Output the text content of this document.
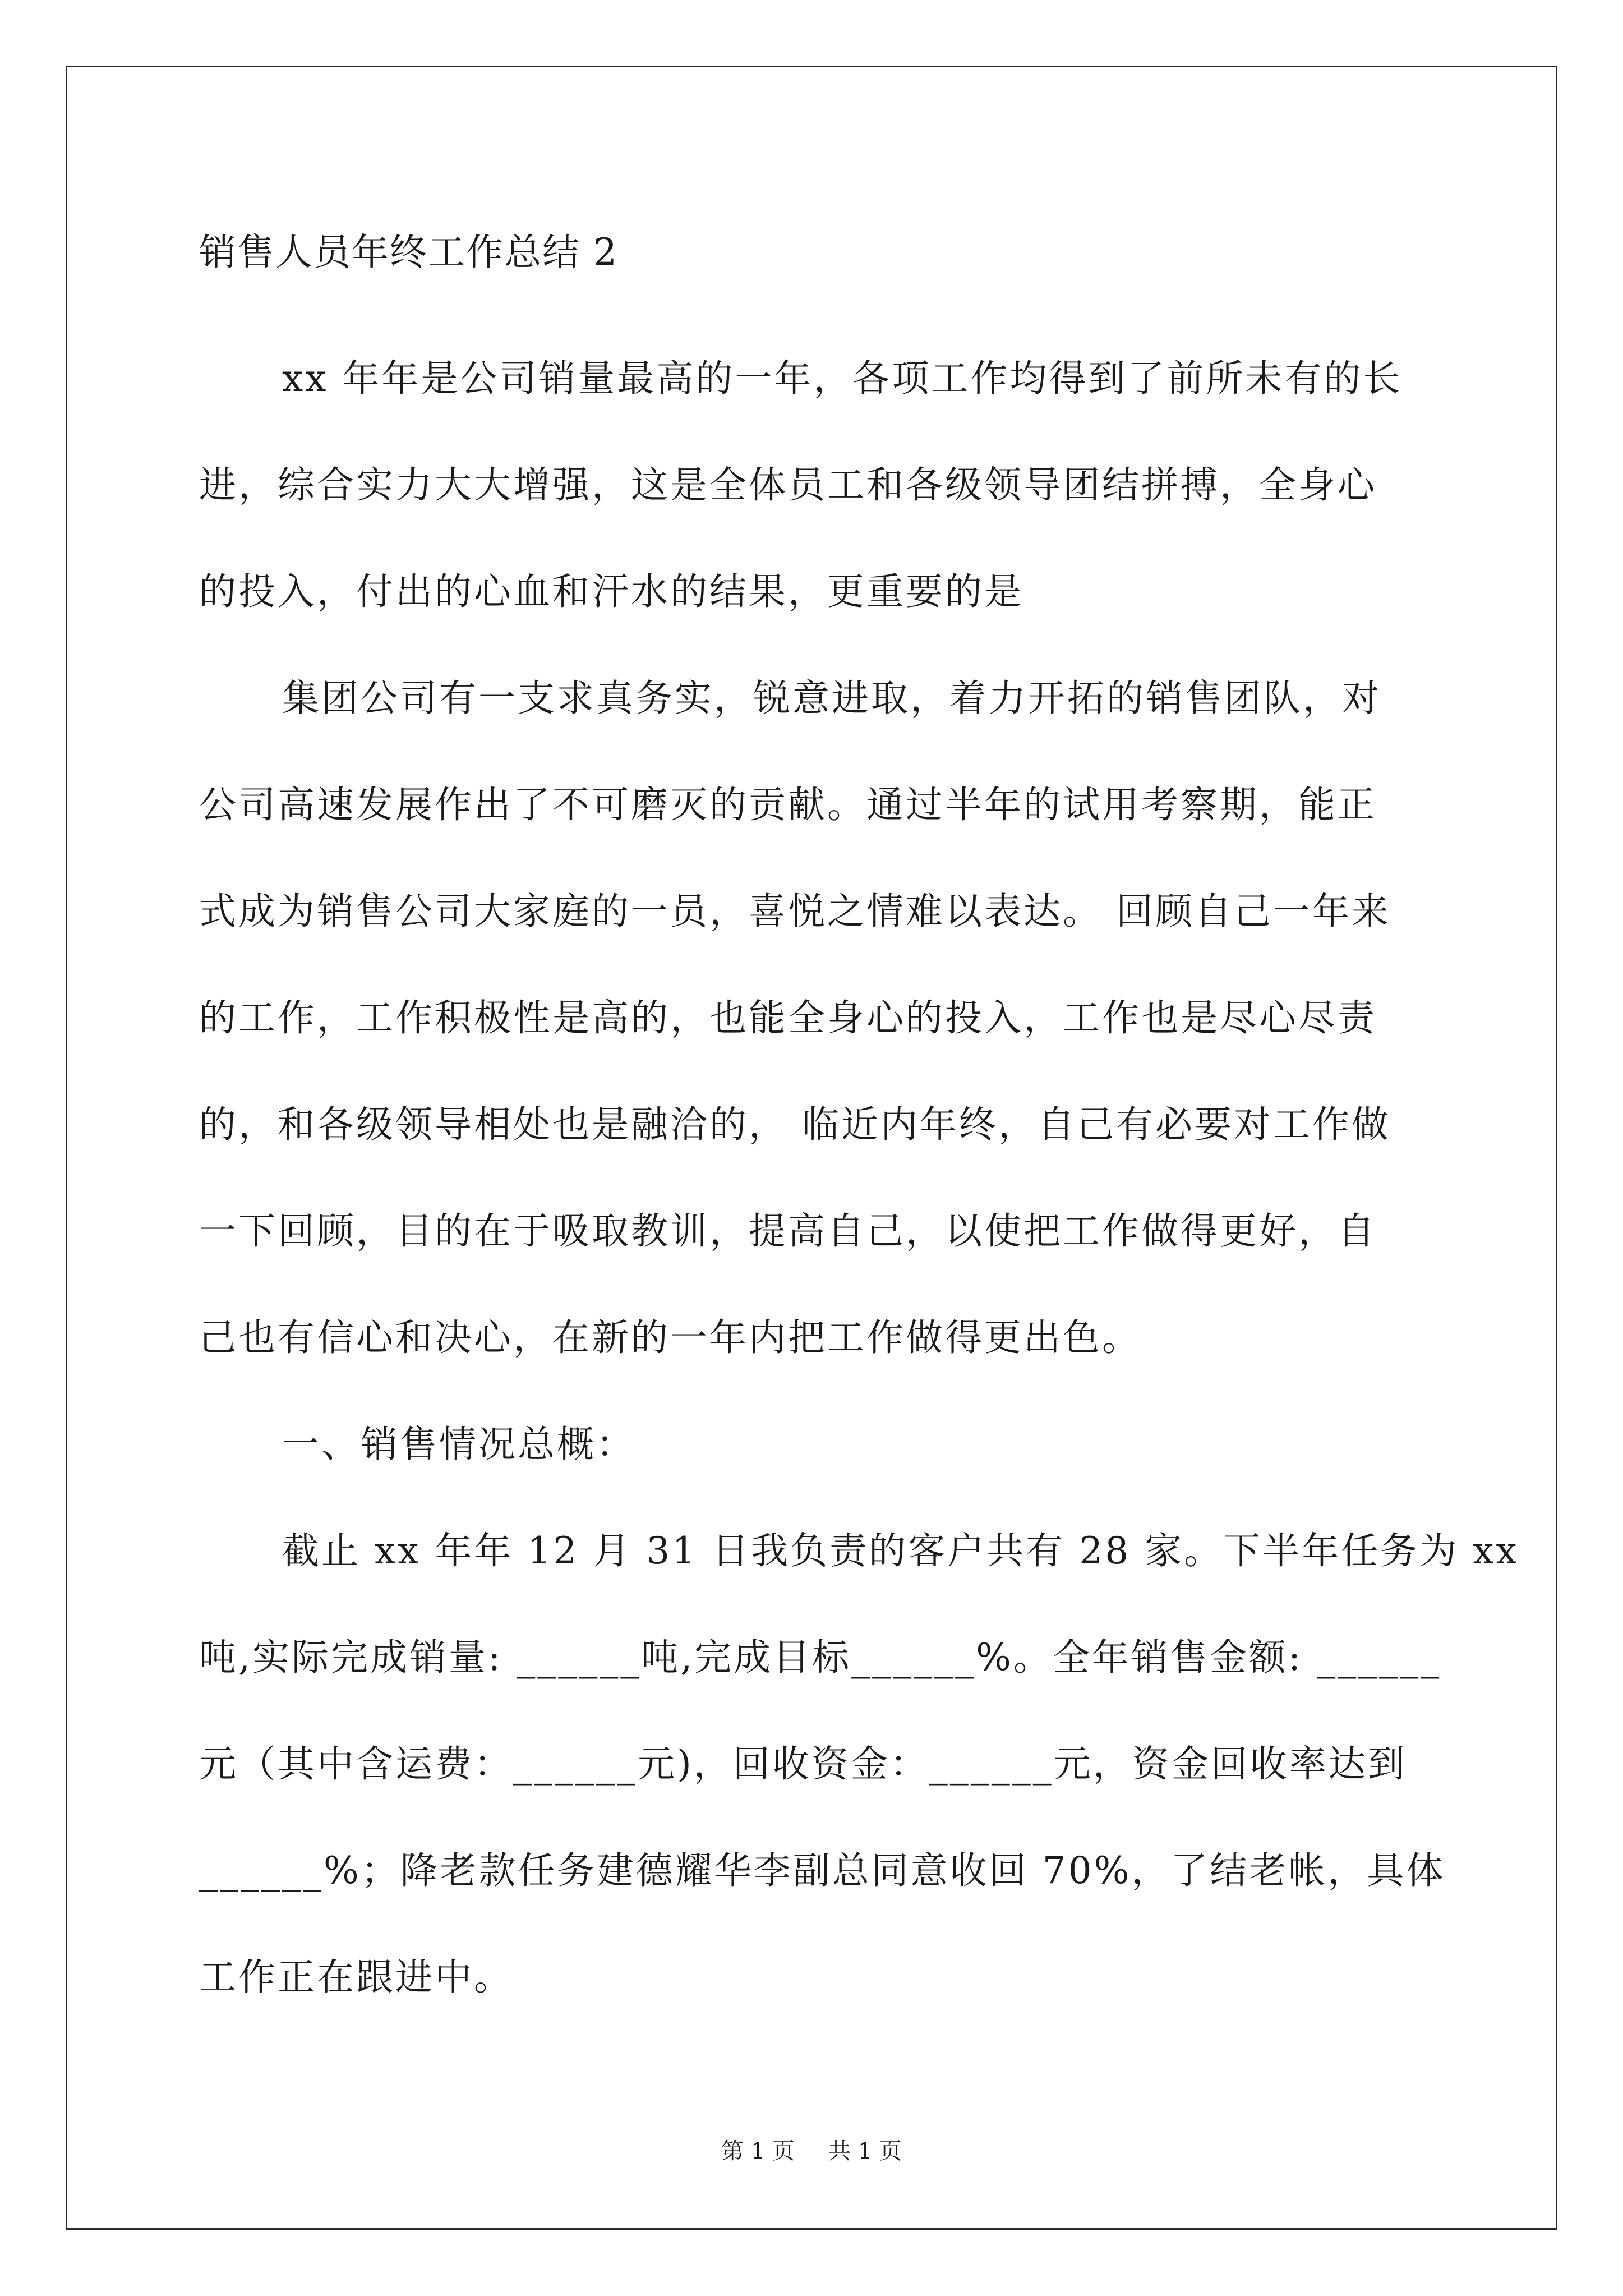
销售人员年终工作总结 2

xx 年年是公司销量最高的一年，各项工作均得到了前所未有的长

进，综合实力大大增强，这是全体员工和各级领导团结拼搏，全身心

的投入，付出的心血和汗水的结果，更重要的是

集团公司有一支求真务实，锐意进取，着力开拓的销售团队，对

公司高速发展作出了不可磨灭的贡献。通过半年的试用考察期，能正

式成为销售公司大家庭的一员，喜悦之情难以表达。 回顾自己一年来

的工作，工作积极性是高的，也能全身心的投入，工作也是尽心尽责

的，和各级领导相处也是融洽的， 临近内年终，自己有必要对工作做

一下回顾，目的在于吸取教训，提高自己，以使把工作做得更好，自

己也有信心和决心，在新的一年内把工作做得更出色。

一、销售情况总概：

截止 xx 年年 12 月 31 日我负责的客户共有 28 家。下半年任务为 xx

吨,实际完成销量: ______吨,完成目标______%。全年销售金额: ______

元（其中含运费：______元)，回收资金：______元，资金回收率达到

______%；降老款任务建德耀华李副总同意收回 70%，了结老帐，具体

工作正在跟进中。

第 1 页 共 1 页
